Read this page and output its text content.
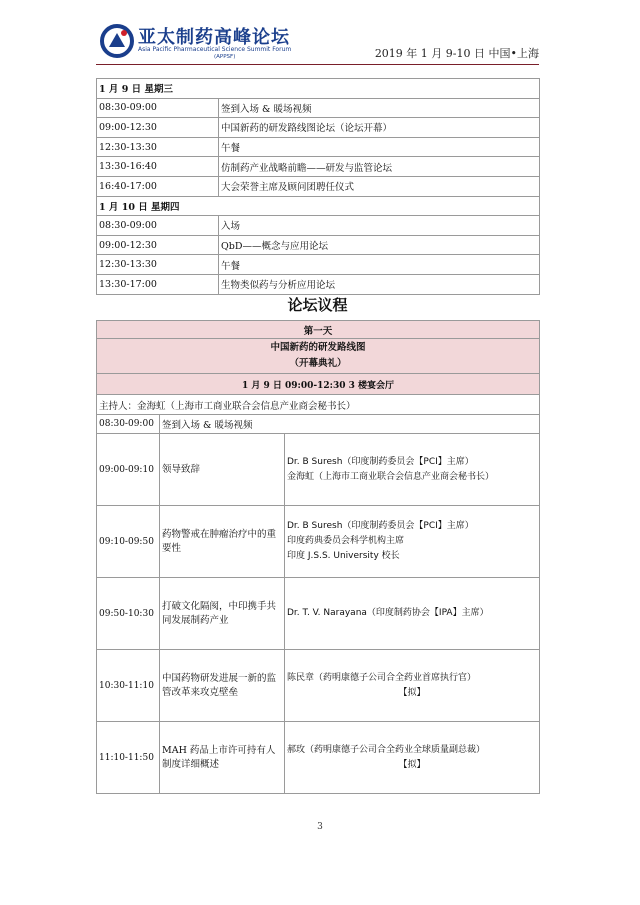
亚太制药高峰论坛
Asia Pacific Pharmaceutical Science Summit Forum
(APPSF)	2019 年 1 月 9-10 日 中国•上海
1 月 9 日 星期三	
08:30-09:00	签到入场 & 暖场视频
09:00-12:30	中国新药的研发路线图论坛（论坛开幕）
12:30-13:30	午餐
13:30-16:40	仿制药产业战略前瞻——研发与监管论坛
16:40-17:00	大会荣誉主席及顾问团聘任仪式
1 月 10 日 星期四	
08:30-09:00	入场
09:00-12:30	QbD——概念与应用论坛
12:30-13:30	午餐
13:30-17:00	生物类似药与分析应用论坛
论坛议程
第一天		

中国新药的研发路线图
（开幕典礼）		

1 月 9 日 09:00-12:30 3 楼宴会厅		
主持人：金海虹（上海市工商业联合会信息产业商会秘书长）		
08:30-09:00	签到入场 & 暖场视频	
09:00-09:10	领导致辞	Dr. B Suresh（印度制药委员会【PCI】主席）
金海虹（上海市工商业联合会信息产业商会秘书长）

09:10-09:50	药物警戒在肿瘤治疗中的重要性	Dr. B Suresh（印度制药委员会【PCI】主席）
印度药典委员会科学机构主席
印度 J.S.S. University 校长

09:50-10:30	打破文化隔阂，中印携手共同发展制药产业	Dr. T. V. Narayana（印度制药协会【IPA】主席）

10:30-11:10	中国药物研发进展一新的监管改革来攻克壁垒	陈民章（药明康德子公司合全药业首席执行官）
【拟】

11:10-11:50	MAH 药品上市许可持有人制度详细概述	郝玫（药明康德子公司合全药业全球质量副总裁）
【拟】
3
